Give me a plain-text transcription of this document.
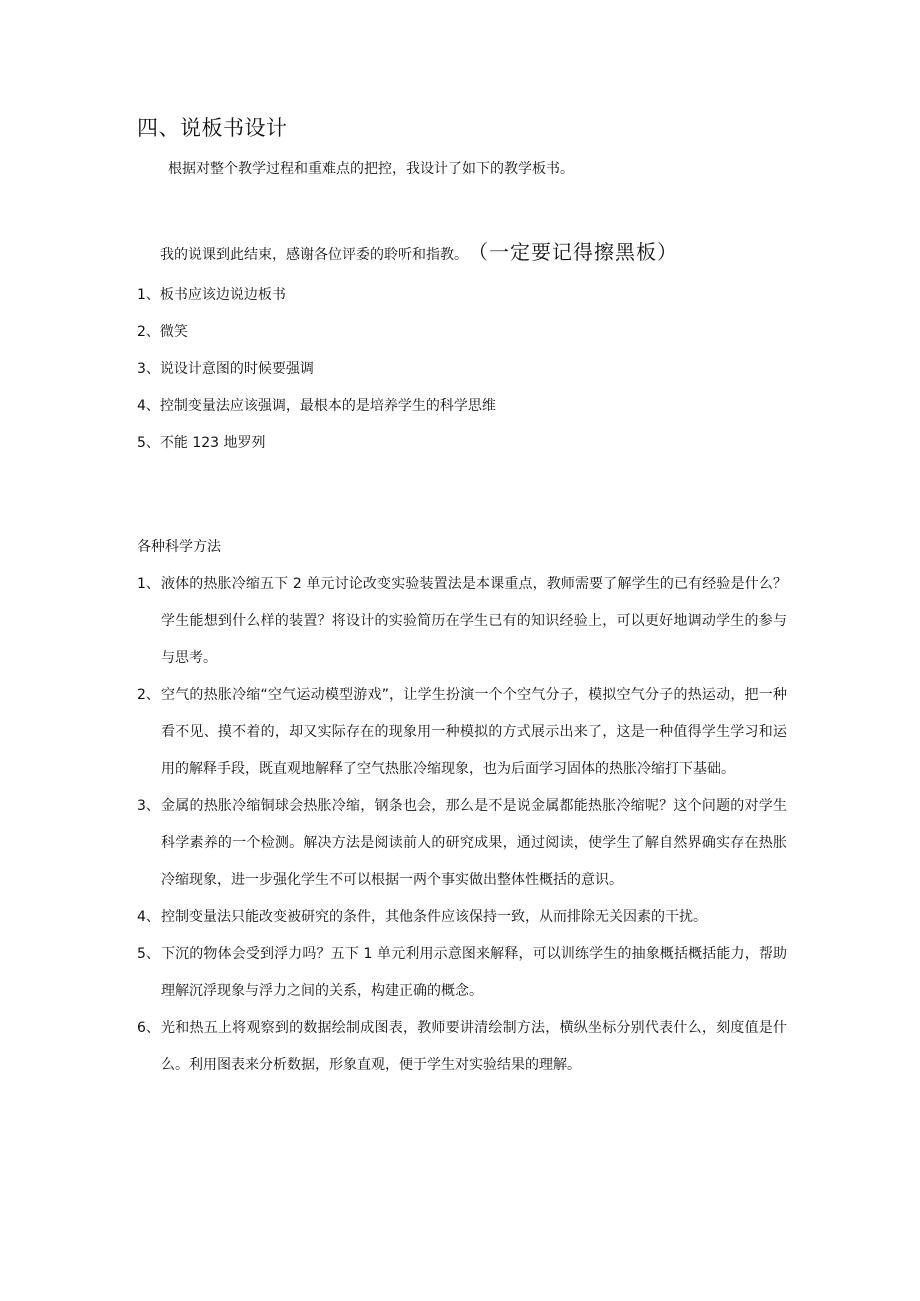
四、说板书设计
根据对整个教学过程和重难点的把控，我设计了如下的教学板书。
我的说课到此结束，感谢各位评委的聆听和指教。 （一定要记得擦黑板）
1、板书应该边说边板书
2、微笑
3、说设计意图的时候要强调
4、控制变量法应该强调，最根本的是培养学生的科学思维
5、不能 123 地罗列
各种科学方法
1、 液体的热胀冷缩五下 2 单元讨论改变实验装置法是本课重点，教师需要了解学生的已有经验是什么？学生能想到什么样的装置？将设计的实验简历在学生已有的知识经验上，可以更好地调动学生的参与与思考。
2、 空气的热胀冷缩“空气运动模型游戏”，让学生扮演一个个空气分子，模拟空气分子的热运动，把一种看不见、摸不着的，却又实际存在的现象用一种模拟的方式展示出来了，这是一种值得学生学习和运用的解释手段，既直观地解释了空气热胀冷缩现象，也为后面学习固体的热胀冷缩打下基础。
3、 金属的热胀冷缩铜球会热胀冷缩，钢条也会，那么是不是说金属都能热胀冷缩呢？这个问题的对学生科学素养的一个检测。解决方法是阅读前人的研究成果，通过阅读，使学生了解自然界确实存在热胀冷缩现象，进一步强化学生不可以根据一两个事实做出整体性概括的意识。
4、 控制变量法只能改变被研究的条件，其他条件应该保持一致，从而排除无关因素的干扰。
5、 下沉的物体会受到浮力吗？五下 1 单元利用示意图来解释，可以训练学生的抽象概括概括能力，帮助理解沉浮现象与浮力之间的关系，构建正确的概念。
6、 光和热五上将观察到的数据绘制成图表，教师要讲清绘制方法，横纵坐标分别代表什么，刻度值是什么。利用图表来分析数据，形象直观，便于学生对实验结果的理解。
